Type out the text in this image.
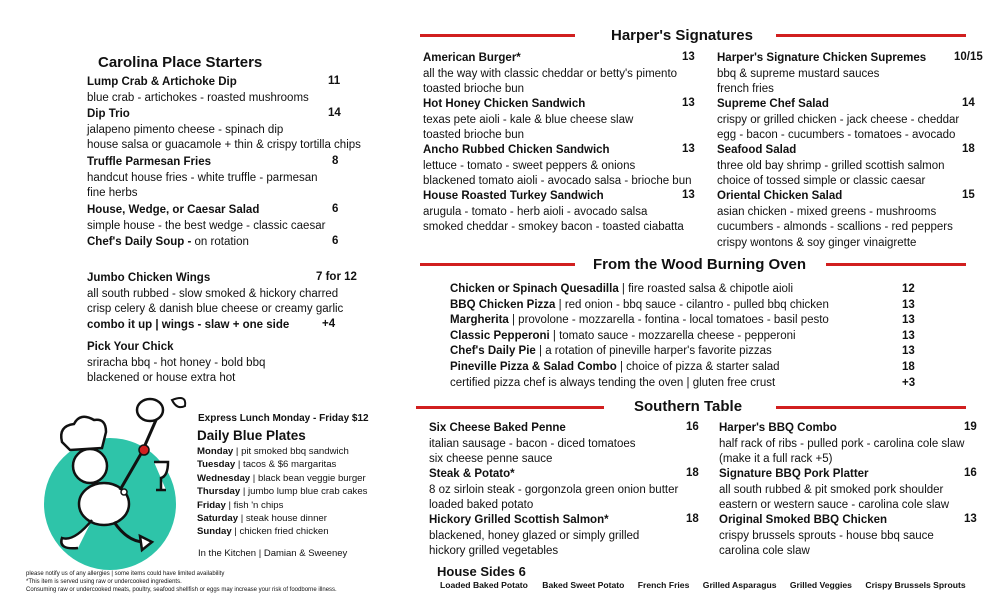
Carolina Place Starters
Lump Crab & Artichoke Dip
blue crab - artichokes - roasted mushrooms
11
Dip Trio
jalapeno pimento cheese - spinach dip
house salsa or guacamole + thin & crispy tortilla chips
14
Truffle Parmesan Fries
handcut house fries - white truffle - parmesan
fine herbs
8
House, Wedge, or Caesar Salad
simple house - the best wedge - classic caesar
6
Chef's Daily Soup - on rotation	6
Jumbo Chicken Wings
all south rubbed - slow smoked & hickory charred
crisp celery & danish blue cheese or creamy garlic
combo it up | wings - slaw + one side
7 for 12
+4
Pick Your Chick
sriracha bbq - hot honey - bold bbq
blackened or house extra hot
Express Lunch Monday - Friday $12
Daily Blue Plates
Monday | pit smoked bbq sandwich
Tuesday | tacos & $6 margaritas
Wednesday | black bean veggie burger
Thursday | jumbo lump blue crab cakes
Friday | fish 'n chips
Saturday | steak house dinner
Sunday | chicken fried chicken
In the Kitchen | Damian & Sweeney
please notify us of any allergies | some items could have limited availability
*This item is served using raw or undercooked ingredients.
Consuming raw or undercooked meats, poultry, seafood shellfish or eggs may increase your risk of foodborne illness.
Harper's Signatures
American Burger*
all the way with classic cheddar or betty's pimento
toasted brioche bun
13
Hot Honey Chicken Sandwich
texas pete aioli - kale & blue cheese slaw
toasted brioche bun
13
Ancho Rubbed Chicken Sandwich
lettuce - tomato - sweet peppers & onions
blackened tomato aioli - avocado salsa - brioche bun
13
House Roasted Turkey Sandwich
arugula - tomato - herb aioli - avocado salsa
smoked cheddar - smokey bacon - toasted ciabatta
13
Harper's Signature Chicken Supremes
bbq & supreme mustard sauces
french fries
10/15
Supreme Chef Salad
crispy or grilled chicken - jack cheese - cheddar
egg - bacon - cucumbers - tomatoes - avocado
14
Seafood Salad
three old bay shrimp - grilled scottish salmon
choice of tossed simple or classic caesar
18
Oriental Chicken Salad
asian chicken - mixed greens - mushrooms
cucumbers - almonds - scallions - red peppers
crispy wontons & soy ginger vinaigrette
15
From the Wood Burning Oven
Chicken or Spinach Quesadilla | fire roasted salsa & chipotle aioli
BBQ Chicken Pizza | red onion - bbq sauce - cilantro - pulled bbq chicken
Margherita | provolone - mozzarella - fontina - local tomatoes - basil pesto
Classic Pepperoni | tomato sauce - mozzarella cheese - pepperoni
Chef's Daily Pie | a rotation of pineville harper's favorite pizzas
Pineville Pizza & Salad Combo | choice of pizza & starter salad
certified pizza chef is always tending the oven | gluten free crust
12
13
13
13
13
18
+3
Southern Table
Six Cheese Baked Penne
italian sausage - bacon - diced tomatoes
six cheese penne sauce
16
Steak & Potato*
8 oz sirloin steak - gorgonzola green onion butter
loaded baked potato
18
Hickory Grilled Scottish Salmon*
blackened, honey glazed or simply grilled
hickory grilled vegetables
18
Harper's BBQ Combo
half rack of ribs - pulled pork - carolina cole slaw
(make it a full rack +5)
19
Signature BBQ Pork Platter
all south rubbed & pit smoked pork shoulder
eastern or western sauce - carolina cole slaw
16
Original Smoked BBQ Chicken
crispy brussels sprouts - house bbq sauce
carolina cole slaw
13
House Sides 6
Loaded Baked Potato Baked Sweet Potato French Fries Grilled Asparagus Grilled Veggies Crispy Brussels Sprouts
